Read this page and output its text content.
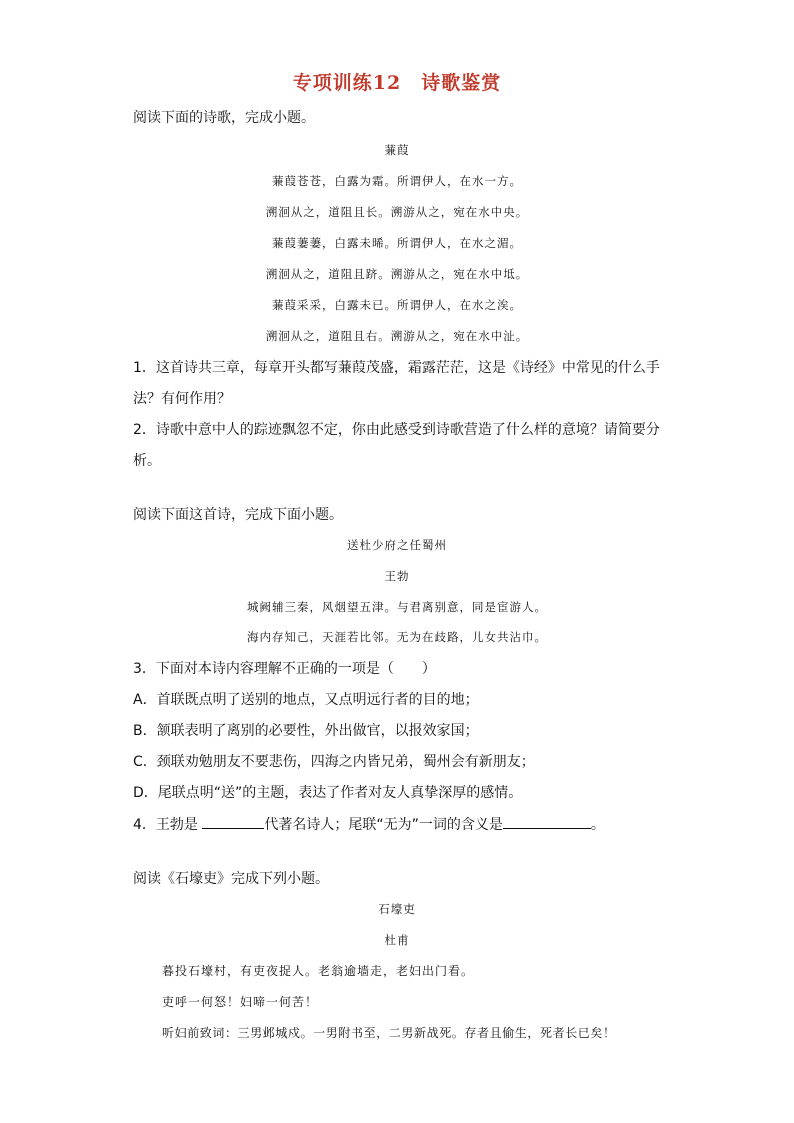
专项训练12　诗歌鉴赏
阅读下面的诗歌，完成小题。
蒹葭
蒹葭苍苍，白露为霜。所谓伊人，在水一方。
溯洄从之，道阻且长。溯游从之，宛在水中央。
蒹葭萋萋，白露未晞。所谓伊人，在水之湄。
溯洄从之，道阻且跻。溯游从之，宛在水中坻。
蒹葭采采，白露未已。所谓伊人，在水之涘。
溯洄从之，道阻且右。溯游从之，宛在水中沚。
1．这首诗共三章，每章开头都写蒹葭茂盛，霜露茫茫，这是《诗经》中常见的什么手
法？有何作用？
2．诗歌中意中人的踪迹飘忽不定，你由此感受到诗歌营造了什么样的意境？请简要分
析。
阅读下面这首诗，完成下面小题。
送杜少府之任蜀州
王勃
城阙辅三秦，风烟望五津。与君离别意，同是宦游人。
海内存知己，天涯若比邻。无为在歧路，儿女共沾巾。
3．下面对本诗内容理解不正确的一项是（　　）
A．首联既点明了送别的地点，又点明远行者的目的地；
B．颔联表明了离别的必要性，外出做官，以报效家国；
C．颈联劝勉朋友不要悲伤，四海之内皆兄弟，蜀州会有新朋友；
D．尾联点明“送”的主题，表达了作者对友人真挚深厚的感情。
4．王勃是	代著名诗人；尾联“无为”一词的含义是	。
阅读《石壕吏》完成下列小题。
石壕吏
杜甫
暮投石壕村，有吏夜捉人。老翁逾墙走，老妇出门看。
吏呼一何怒！妇啼一何苦！
听妇前致词：三男邺城戍。一男附书至，二男新战死。存者且偷生，死者长已矣！
